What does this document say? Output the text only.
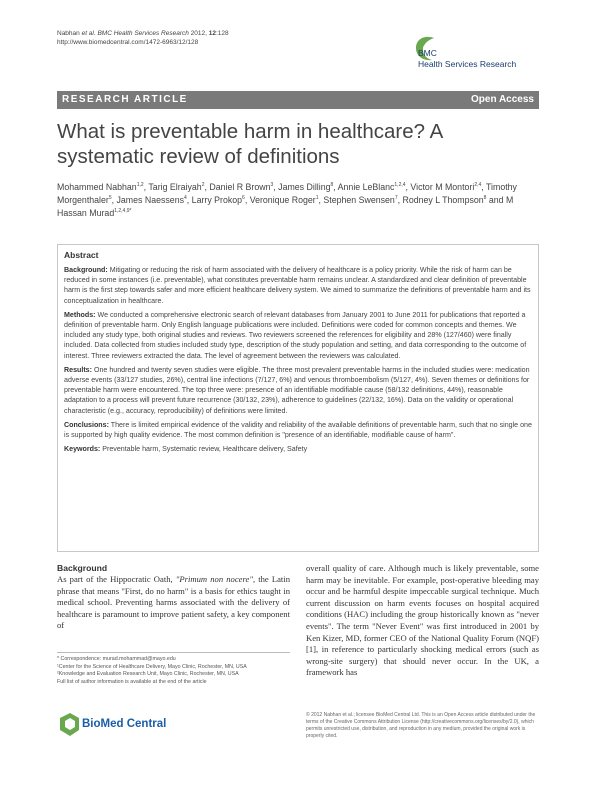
Nabhan et al. BMC Health Services Research 2012, 12:128
http://www.biomedcentral.com/1472-6963/12/128
BMC
Health Services Research
RESEARCH ARTICLE	Open Access
What is preventable harm in healthcare? A systematic review of definitions
Mohammed Nabhan$^{1,2}$, Tarig Elraiyah$^2$, Daniel R Brown$^3$, James Dilling$^8$, Annie LeBlanc$^{1,2,4}$, Victor M Montori$^{2,4}$, Timothy Morgenthaler$^5$, James Naessens$^4$, Larry Prokop$^6$, Veronique Roger$^1$, Stephen Swensen$^7$, Rodney L Thompson$^8$ and M Hassan Murad$^{1,2,4,9*}$
Abstract

Background: Mitigating or reducing the risk of harm associated with the delivery of healthcare is a policy priority. While the risk of harm can be reduced in some instances (i.e. preventable), what constitutes preventable harm remains unclear. A standardized and clear definition of preventable harm is the first step towards safer and more efficient healthcare delivery system. We aimed to summarize the definitions of preventable harm and its conceptualization in healthcare.

Methods: We conducted a comprehensive electronic search of relevant databases from January 2001 to June 2011 for publications that reported a definition of preventable harm. Only English language publications were included. Definitions were coded for common concepts and themes. We included any study type, both original studies and reviews. Two reviewers screened the references for eligibility and 28% (127/460) were finally included. Data collected from studies included study type, description of the study population and setting, and data corresponding to the outcome of interest. Three reviewers extracted the data. The level of agreement between the reviewers was calculated.

Results: One hundred and twenty seven studies were eligible. The three most prevalent preventable harms in the included studies were: medication adverse events (33/127 studies, 26%), central line infections (7/127, 6%) and venous thromboembolism (5/127, 4%). Seven themes or definitions for preventable harm were encountered. The top three were: presence of an identifiable modifiable cause (58/132 definitions, 44%), reasonable adaptation to a process will prevent future recurrence (30/132, 23%), adherence to guidelines (22/132, 16%). Data on the validity or operational characteristic (e.g., accuracy, reproducibility) of definitions were limited.

Conclusions: There is limited empirical evidence of the validity and reliability of the available definitions of preventable harm, such that no single one is supported by high quality evidence. The most common definition is "presence of an identifiable, modifiable cause of harm".

Keywords: Preventable harm, Systematic review, Healthcare delivery, Safety

Background
As part of the Hippocratic Oath, "Primum non nocere", the Latin phrase that means "First, do no harm" is a basis for ethics taught in medical school. Preventing harms associated with the delivery of healthcare is paramount to improve patient safety, a key component of
overall quality of care. Although much is likely preventable, some harm may be inevitable. For example, post-operative bleeding may occur and be harmful despite impeccable surgical technique. Much current discussion on harm events focuses on hospital acquired conditions (HAC) including the group historically known as "never events". The term "Never Event" was first introduced in 2001 by Ken Kizer, MD, former CEO of the National Quality Forum (NQF) [1], in reference to particularly shocking medical errors (such as wrong-site surgery) that should never occur. In the UK, a framework has
* Correspondence: murad.mohammad@mayo.edu
¹Center for the Science of Healthcare Delivery, Mayo Clinic, Rochester, MN, USA
²Knowledge and Evaluation Research Unit, Mayo Clinic, Rochester, MN, USA
Full list of author information is available at the end of the article
BioMed Central
© 2012 Nabhan et al.; licensee BioMed Central Ltd. This is an Open Access article distributed under the terms of the Creative Commons Attribution License (http://creativecommons.org/licenses/by/2.0), which permits unrestricted use, distribution, and reproduction in any medium, provided the original work is properly cited.
